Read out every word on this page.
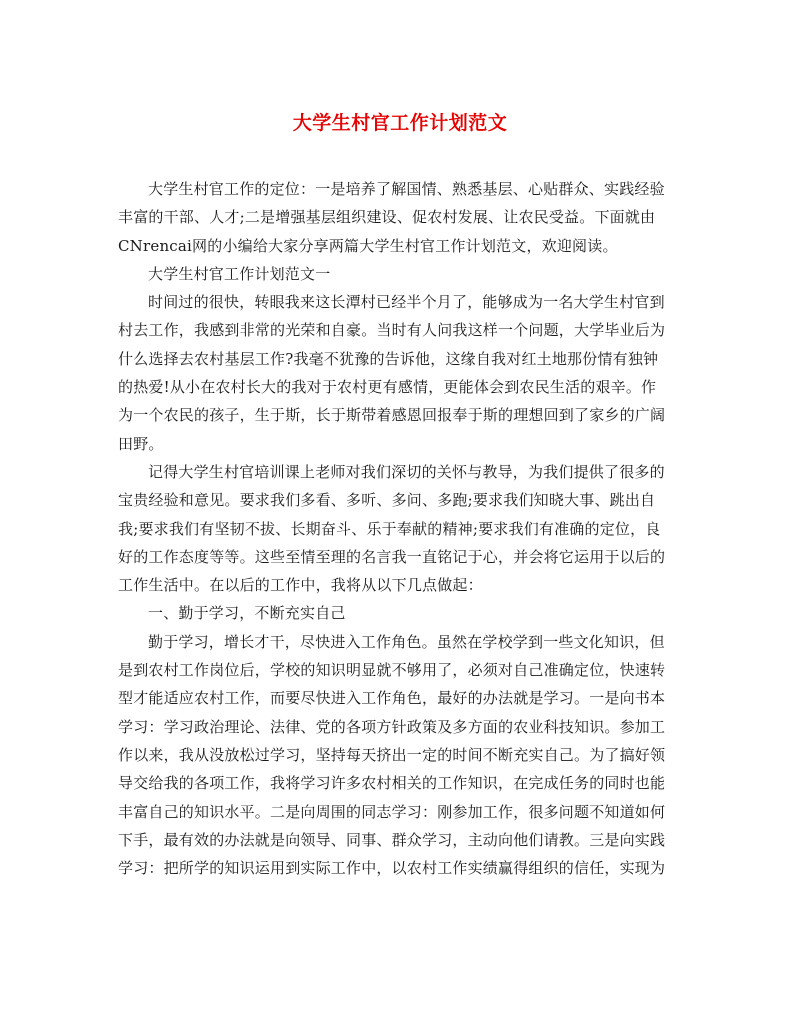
大学生村官工作计划范文

大学生村官工作的定位：一是培养了解国情、熟悉基层、心贴群众、实践经验

丰富的干部、人才;二是增强基层组织建设、促农村发展、让农民受益。下面就由

CNrencai网的小编给大家分享两篇大学生村官工作计划范文，欢迎阅读。

大学生村官工作计划范文一

时间过的很快，转眼我来这长潭村已经半个月了，能够成为一名大学生村官到

村去工作，我感到非常的光荣和自豪。当时有人问我这样一个问题，大学毕业后为

什么选择去农村基层工作?我毫不犹豫的告诉他，这缘自我对红土地那份情有独钟

的热爱!从小在农村长大的我对于农村更有感情，更能体会到农民生活的艰辛。作

为一个农民的孩子，生于斯，长于斯带着感恩回报奉于斯的理想回到了家乡的广阔

田野。

记得大学生村官培训课上老师对我们深切的关怀与教导，为我们提供了很多的

宝贵经验和意见。要求我们多看、多听、多问、多跑;要求我们知晓大事、跳出自

我;要求我们有坚韧不拔、长期奋斗、乐于奉献的精神;要求我们有准确的定位，良

好的工作态度等等。这些至情至理的名言我一直铭记于心，并会将它运用于以后的

工作生活中。在以后的工作中，我将从以下几点做起：

一、勤于学习，不断充实自己

勤于学习，增长才干，尽快进入工作角色。虽然在学校学到一些文化知识，但

是到农村工作岗位后，学校的知识明显就不够用了，必须对自己准确定位，快速转

型才能适应农村工作，而要尽快进入工作角色，最好的办法就是学习。一是向书本

学习：学习政治理论、法律、党的各项方针政策及多方面的农业科技知识。参加工

作以来，我从没放松过学习，坚持每天挤出一定的时间不断充实自己。为了搞好领

导交给我的各项工作，我将学习许多农村相关的工作知识，在完成任务的同时也能

丰富自己的知识水平。二是向周围的同志学习：刚参加工作，很多问题不知道如何

下手，最有效的办法就是向领导、同事、群众学习，主动向他们请教。三是向实践

学习：把所学的知识运用到实际工作中，以农村工作实绩赢得组织的信任，实现为
